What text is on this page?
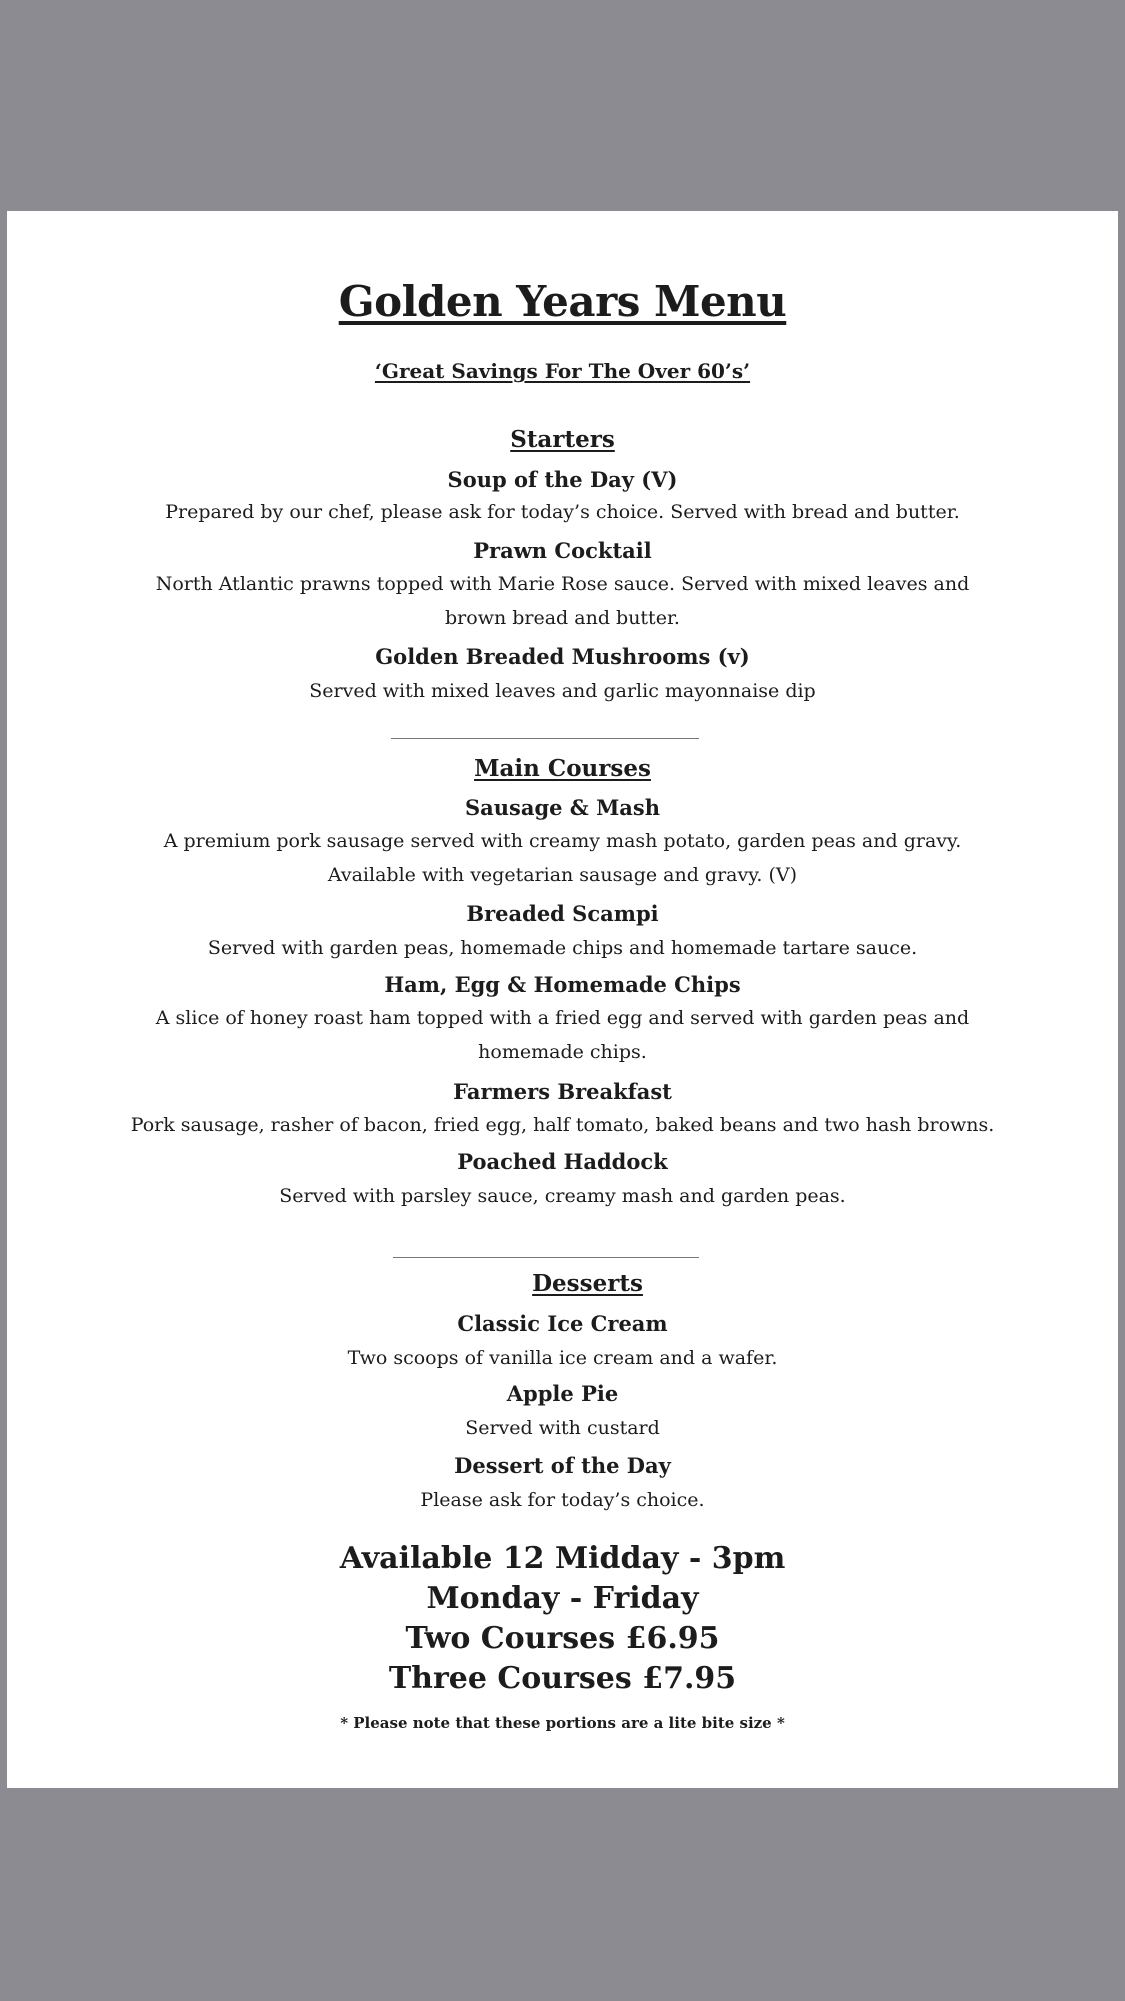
Golden Years Menu
‘Great Savings For The Over 60’s’
Starters
Soup of the Day (V)
Prepared by our chef, please ask for today’s choice. Served with bread and butter.
Prawn Cocktail
North Atlantic prawns topped with Marie Rose sauce. Served with mixed leaves and
brown bread and butter.
Golden Breaded Mushrooms (v)
Served with mixed leaves and garlic mayonnaise dip
Main Courses
Sausage & Mash
A premium pork sausage served with creamy mash potato, garden peas and gravy.
Available with vegetarian sausage and gravy. (V)
Breaded Scampi
Served with garden peas, homemade chips and homemade tartare sauce.
Ham, Egg & Homemade Chips
A slice of honey roast ham topped with a fried egg and served with garden peas and
homemade chips.
Farmers Breakfast
Pork sausage, rasher of bacon, fried egg, half tomato, baked beans and two hash browns.
Poached Haddock
Served with parsley sauce, creamy mash and garden peas.
Desserts
Classic Ice Cream
Two scoops of vanilla ice cream and a wafer.
Apple Pie
Served with custard
Dessert of the Day
Please ask for today’s choice.
Available 12 Midday - 3pm
Monday - Friday
Two Courses £6.95
Three Courses £7.95
* Please note that these portions are a lite bite size *
